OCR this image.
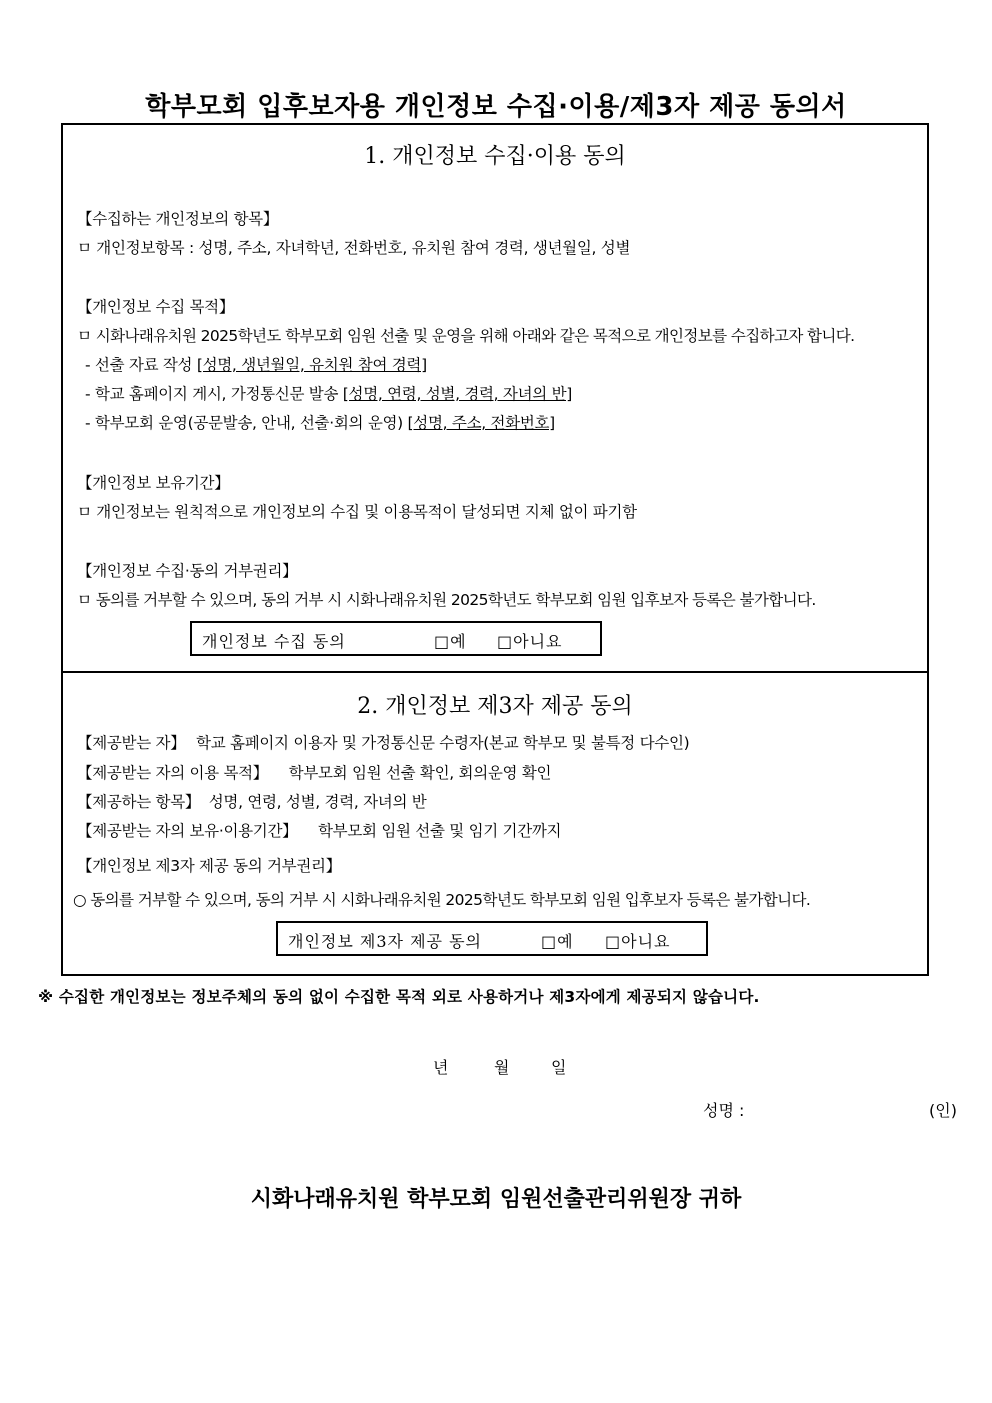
학부모회 입후보자용 개인정보 수집·이용/제3자 제공 동의서
1. 개인정보 수집·이용 동의
【수집하는 개인정보의 항목】
ㅁ 개인정보항목 : 성명, 주소, 자녀학년, 전화번호, 유치원 참여 경력, 생년월일, 성별
【개인정보 수집 목적】
ㅁ 시화나래유치원 2025학년도 학부모회 임원 선출 및 운영을 위해 아래와 같은 목적으로 개인정보를 수집하고자 합니다.
- 선출 자료 작성 [성명, 생년월일, 유치원 참여 경력]
- 학교 홈페이지 게시, 가정통신문 발송 [성명, 연령, 성별, 경력, 자녀의 반]
- 학부모회 운영(공문발송, 안내, 선출·회의 운영) [성명, 주소, 전화번호]
【개인정보 보유기간】
ㅁ 개인정보는 원칙적으로 개인정보의 수집 및 이용목적이 달성되면 지체 없이 파기함
【개인정보 수집·동의 거부권리】
ㅁ 동의를 거부할 수 있으며, 동의 거부 시 시화나래유치원 2025학년도 학부모회 임원 입후보자 등록은 불가합니다.
개인정보 수집 동의	□예 □아니요
2. 개인정보 제3자 제공 동의
【제공받는 자】 학교 홈페이지 이용자 및 가정통신문 수령자(본교 학부모 및 불특정 다수인)
【제공받는 자의 이용 목적】 학부모회 임원 선출 확인, 회의운영 확인
【제공하는 항목】 성명, 연령, 성별, 경력, 자녀의 반
【제공받는 자의 보유·이용기간】 학부모회 임원 선출 및 임기 기간까지
【개인정보 제3자 제공 동의 거부권리】
○ 동의를 거부할 수 있으며, 동의 거부 시 시화나래유치원 2025학년도 학부모회 임원 입후보자 등록은 불가합니다.
개인정보 제3자 제공 동의	□예 □아니요
※ 수집한 개인정보는 정보주체의 동의 없이 수집한 목적 외로 사용하거나 제3자에게 제공되지 않습니다.
년	월	일
성명 :	(인)
시화나래유치원 학부모회 임원선출관리위원장 귀하
